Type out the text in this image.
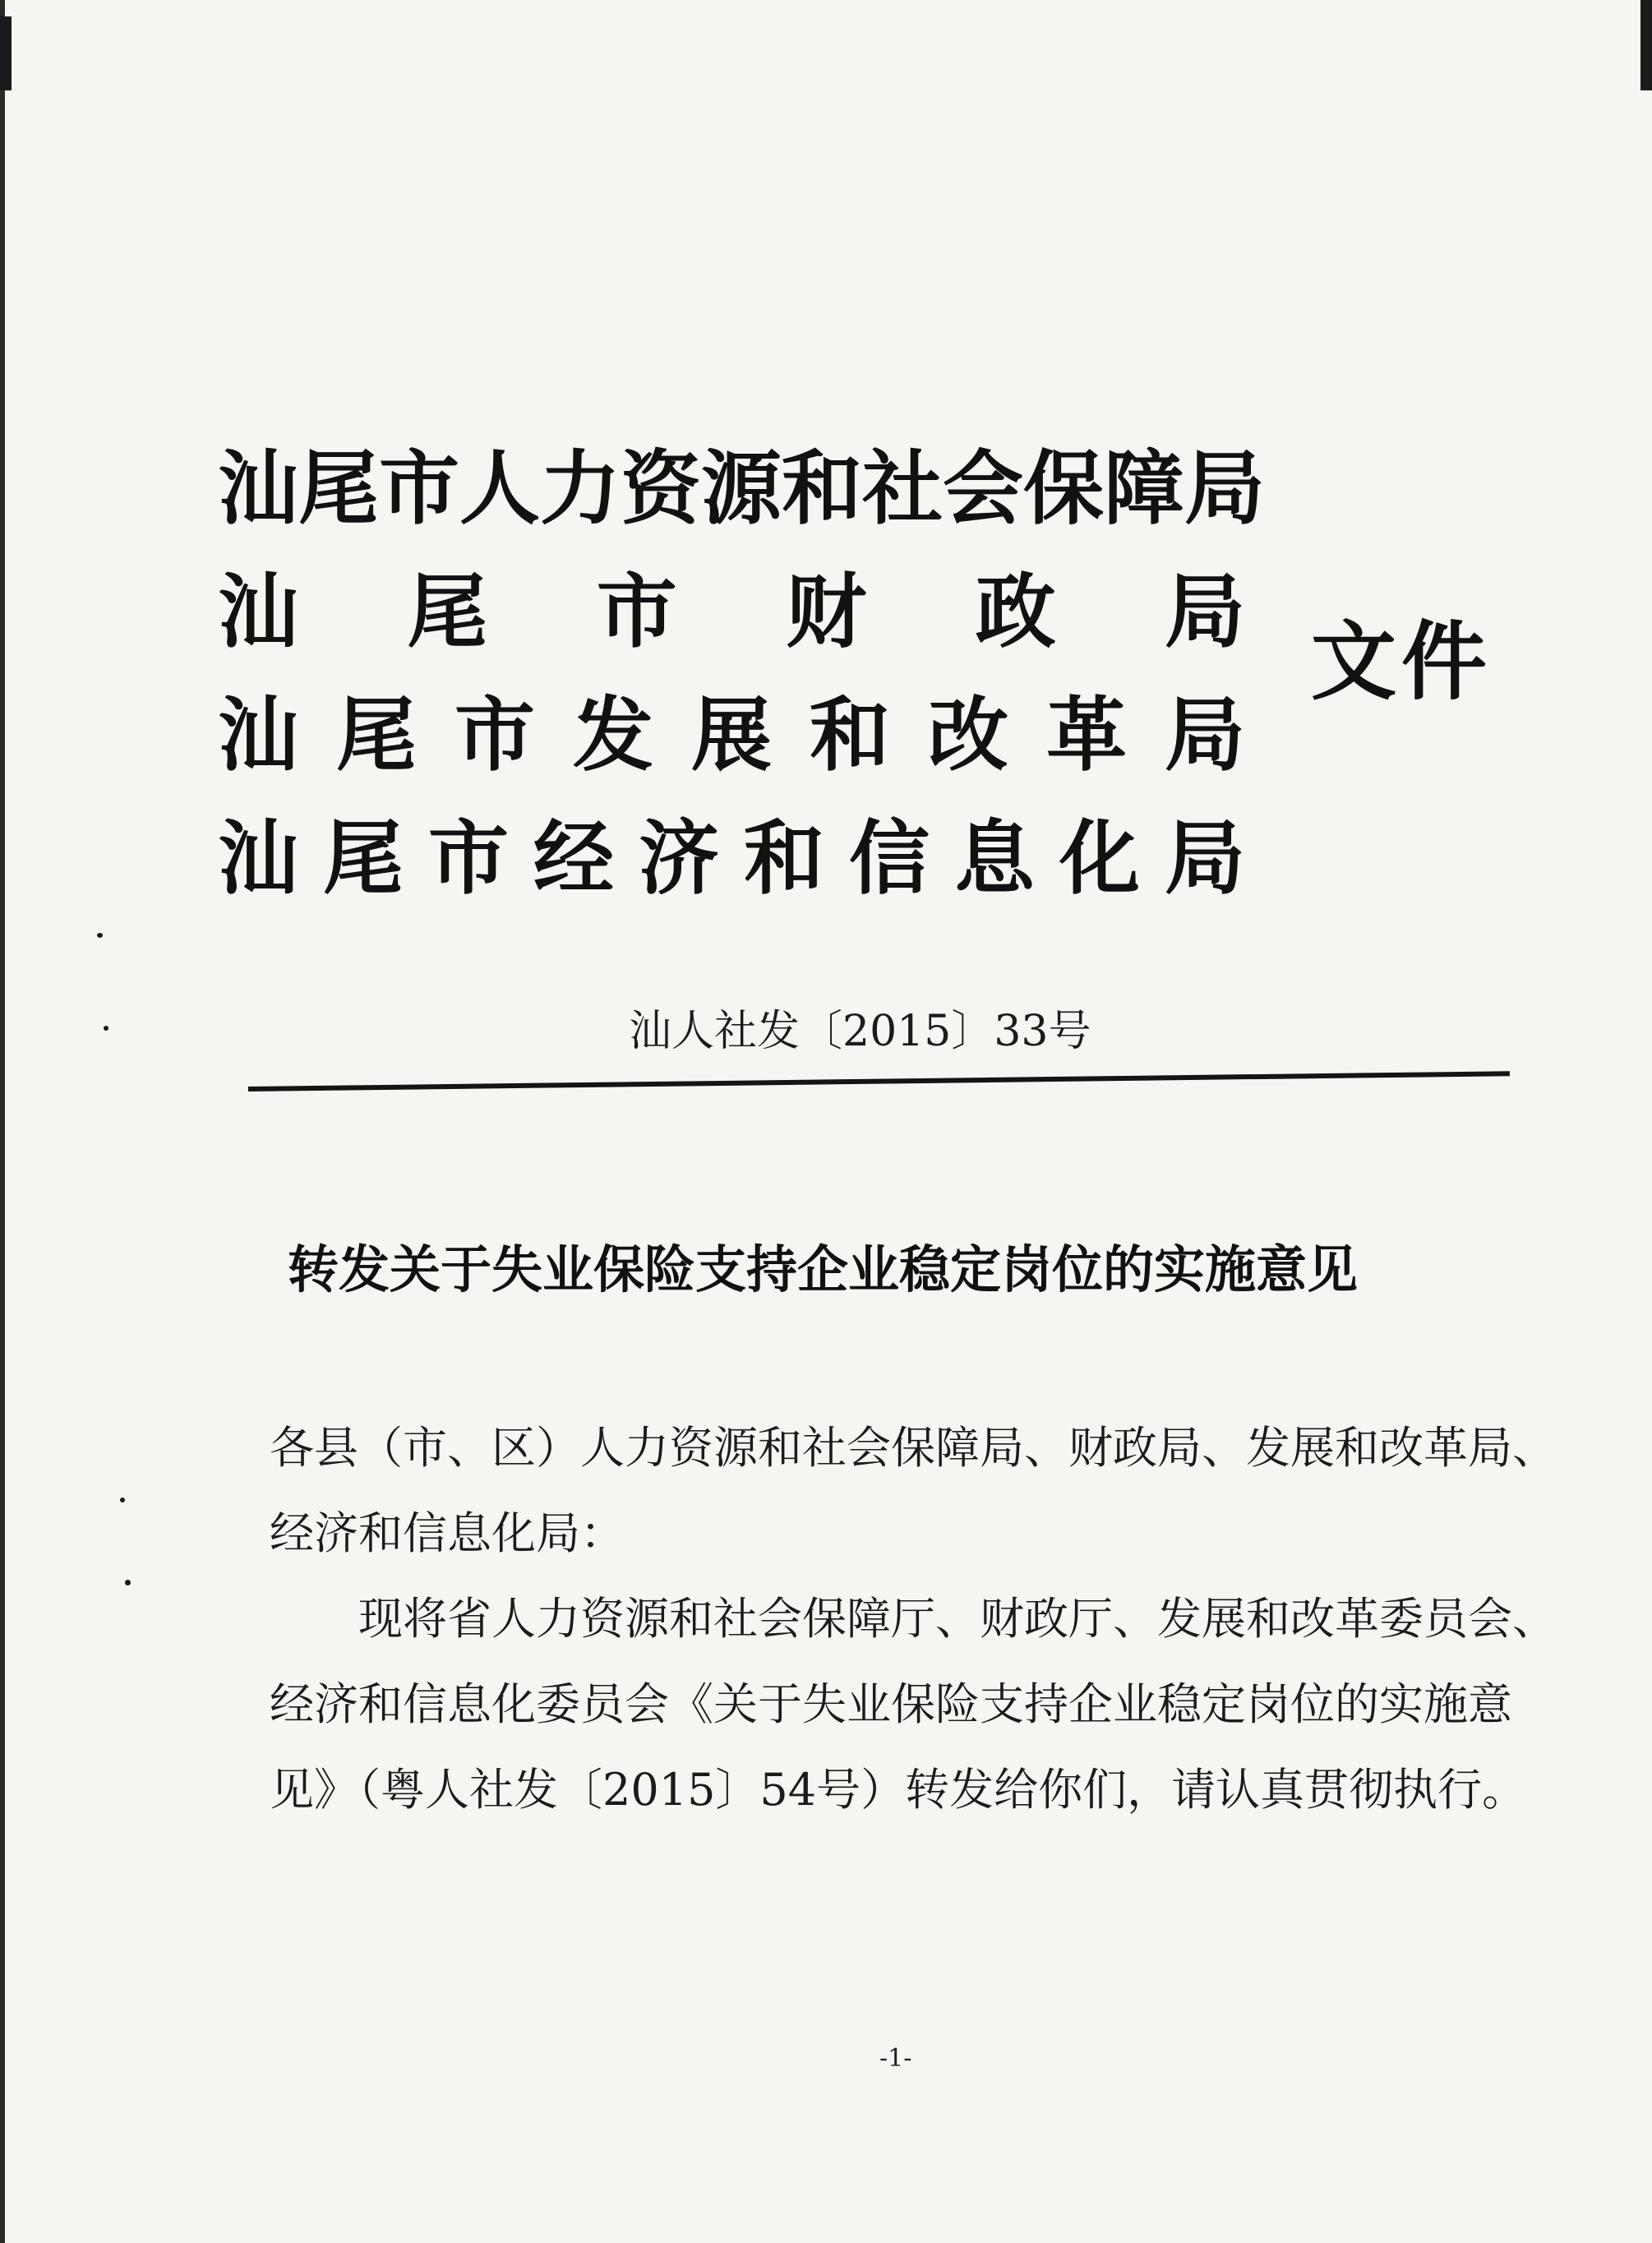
汕尾市人力资源和社会保障局
汕尾市财政局
汕尾市发展和改革局
汕尾市经济和信息化局
文件
汕人社发〔2015〕33号
转发关于失业保险支持企业稳定岗位的实施意见
各县（市、区）人力资源和社会保障局、财政局、发展和改革局、
经济和信息化局：
现将省人力资源和社会保障厅、财政厅、发展和改革委员会、
经济和信息化委员会《关于失业保险支持企业稳定岗位的实施意
见》（粤人社发〔2015〕54号）转发给你们，请认真贯彻执行。
-1-
